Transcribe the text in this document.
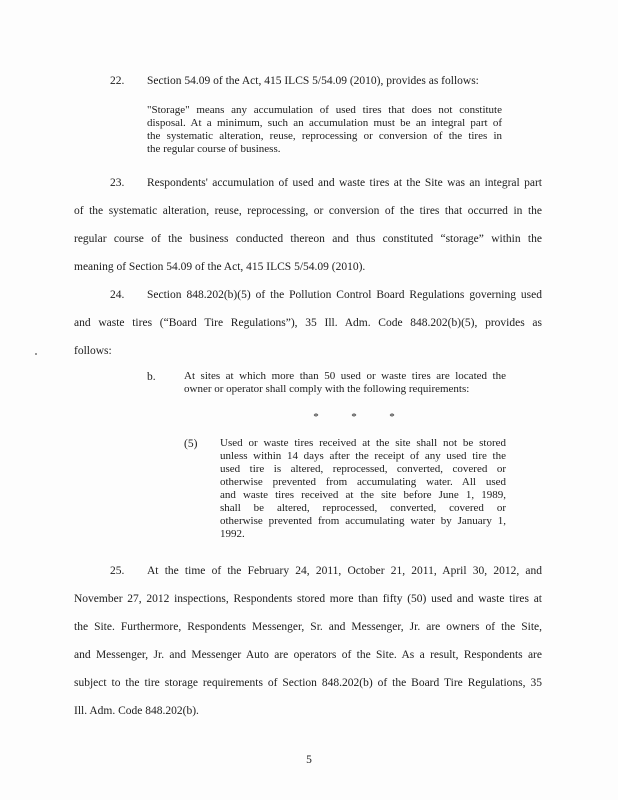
22. Section 54.09 of the Act, 415 ILCS 5/54.09 (2010), provides as follows:
"Storage" means any accumulation of used tires that does not constitute
disposal. At a minimum, such an accumulation must be an integral part of
the systematic alteration, reuse, reprocessing or conversion of the tires in
the regular course of business.
23. Respondents' accumulation of used and waste tires at the Site was an integral part
of the systematic alteration, reuse, reprocessing, or conversion of the tires that occurred in the
regular course of the business conducted thereon and thus constituted “storage” within the
meaning of Section 54.09 of the Act, 415 ILCS 5/54.09 (2010).
24. Section 848.202(b)(5) of the Pollution Control Board Regulations governing used
and waste tires (“Board Tire Regulations”), 35 Ill. Adm. Code 848.202(b)(5), provides as
follows:
b.	At sites at which more than 50 used or waste tires are located the
owner or operator shall comply with the following requirements:
*	*	*
(5) Used or waste tires received at the site shall not be stored
unless within 14 days after the receipt of any used tire the
used tire is altered, reprocessed, converted, covered or
otherwise prevented from accumulating water. All used
and waste tires received at the site before June 1, 1989,
shall be altered, reprocessed, converted, covered or
otherwise prevented from accumulating water by January 1,
1992.
25. At the time of the February 24, 2011, October 21, 2011, April 30, 2012, and
November 27, 2012 inspections, Respondents stored more than fifty (50) used and waste tires at
the Site. Furthermore, Respondents Messenger, Sr. and Messenger, Jr. are owners of the Site,
and Messenger, Jr. and Messenger Auto are operators of the Site. As a result, Respondents are
subject to the tire storage requirements of Section 848.202(b) of the Board Tire Regulations, 35
Ill. Adm. Code 848.202(b).
5
